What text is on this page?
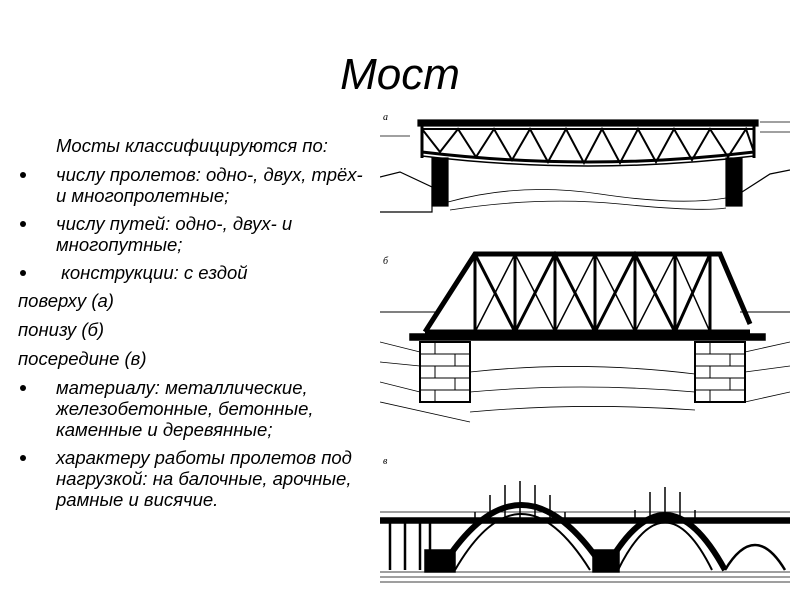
Мост
Мосты классифицируются по:
числу пролетов: одно-, двух, трёх- и многопролетные;
числу путей: одно-, двух- и многопутные;
конструкции: с ездой
поверху (а)
понизу (б)
посередине (в)
материалу: металлические, железобетонные, бетонные, каменные и деревянные;
характеру работы пролетов под нагрузкой: на балочные, арочные, рамные и висячие.
а
б
в
